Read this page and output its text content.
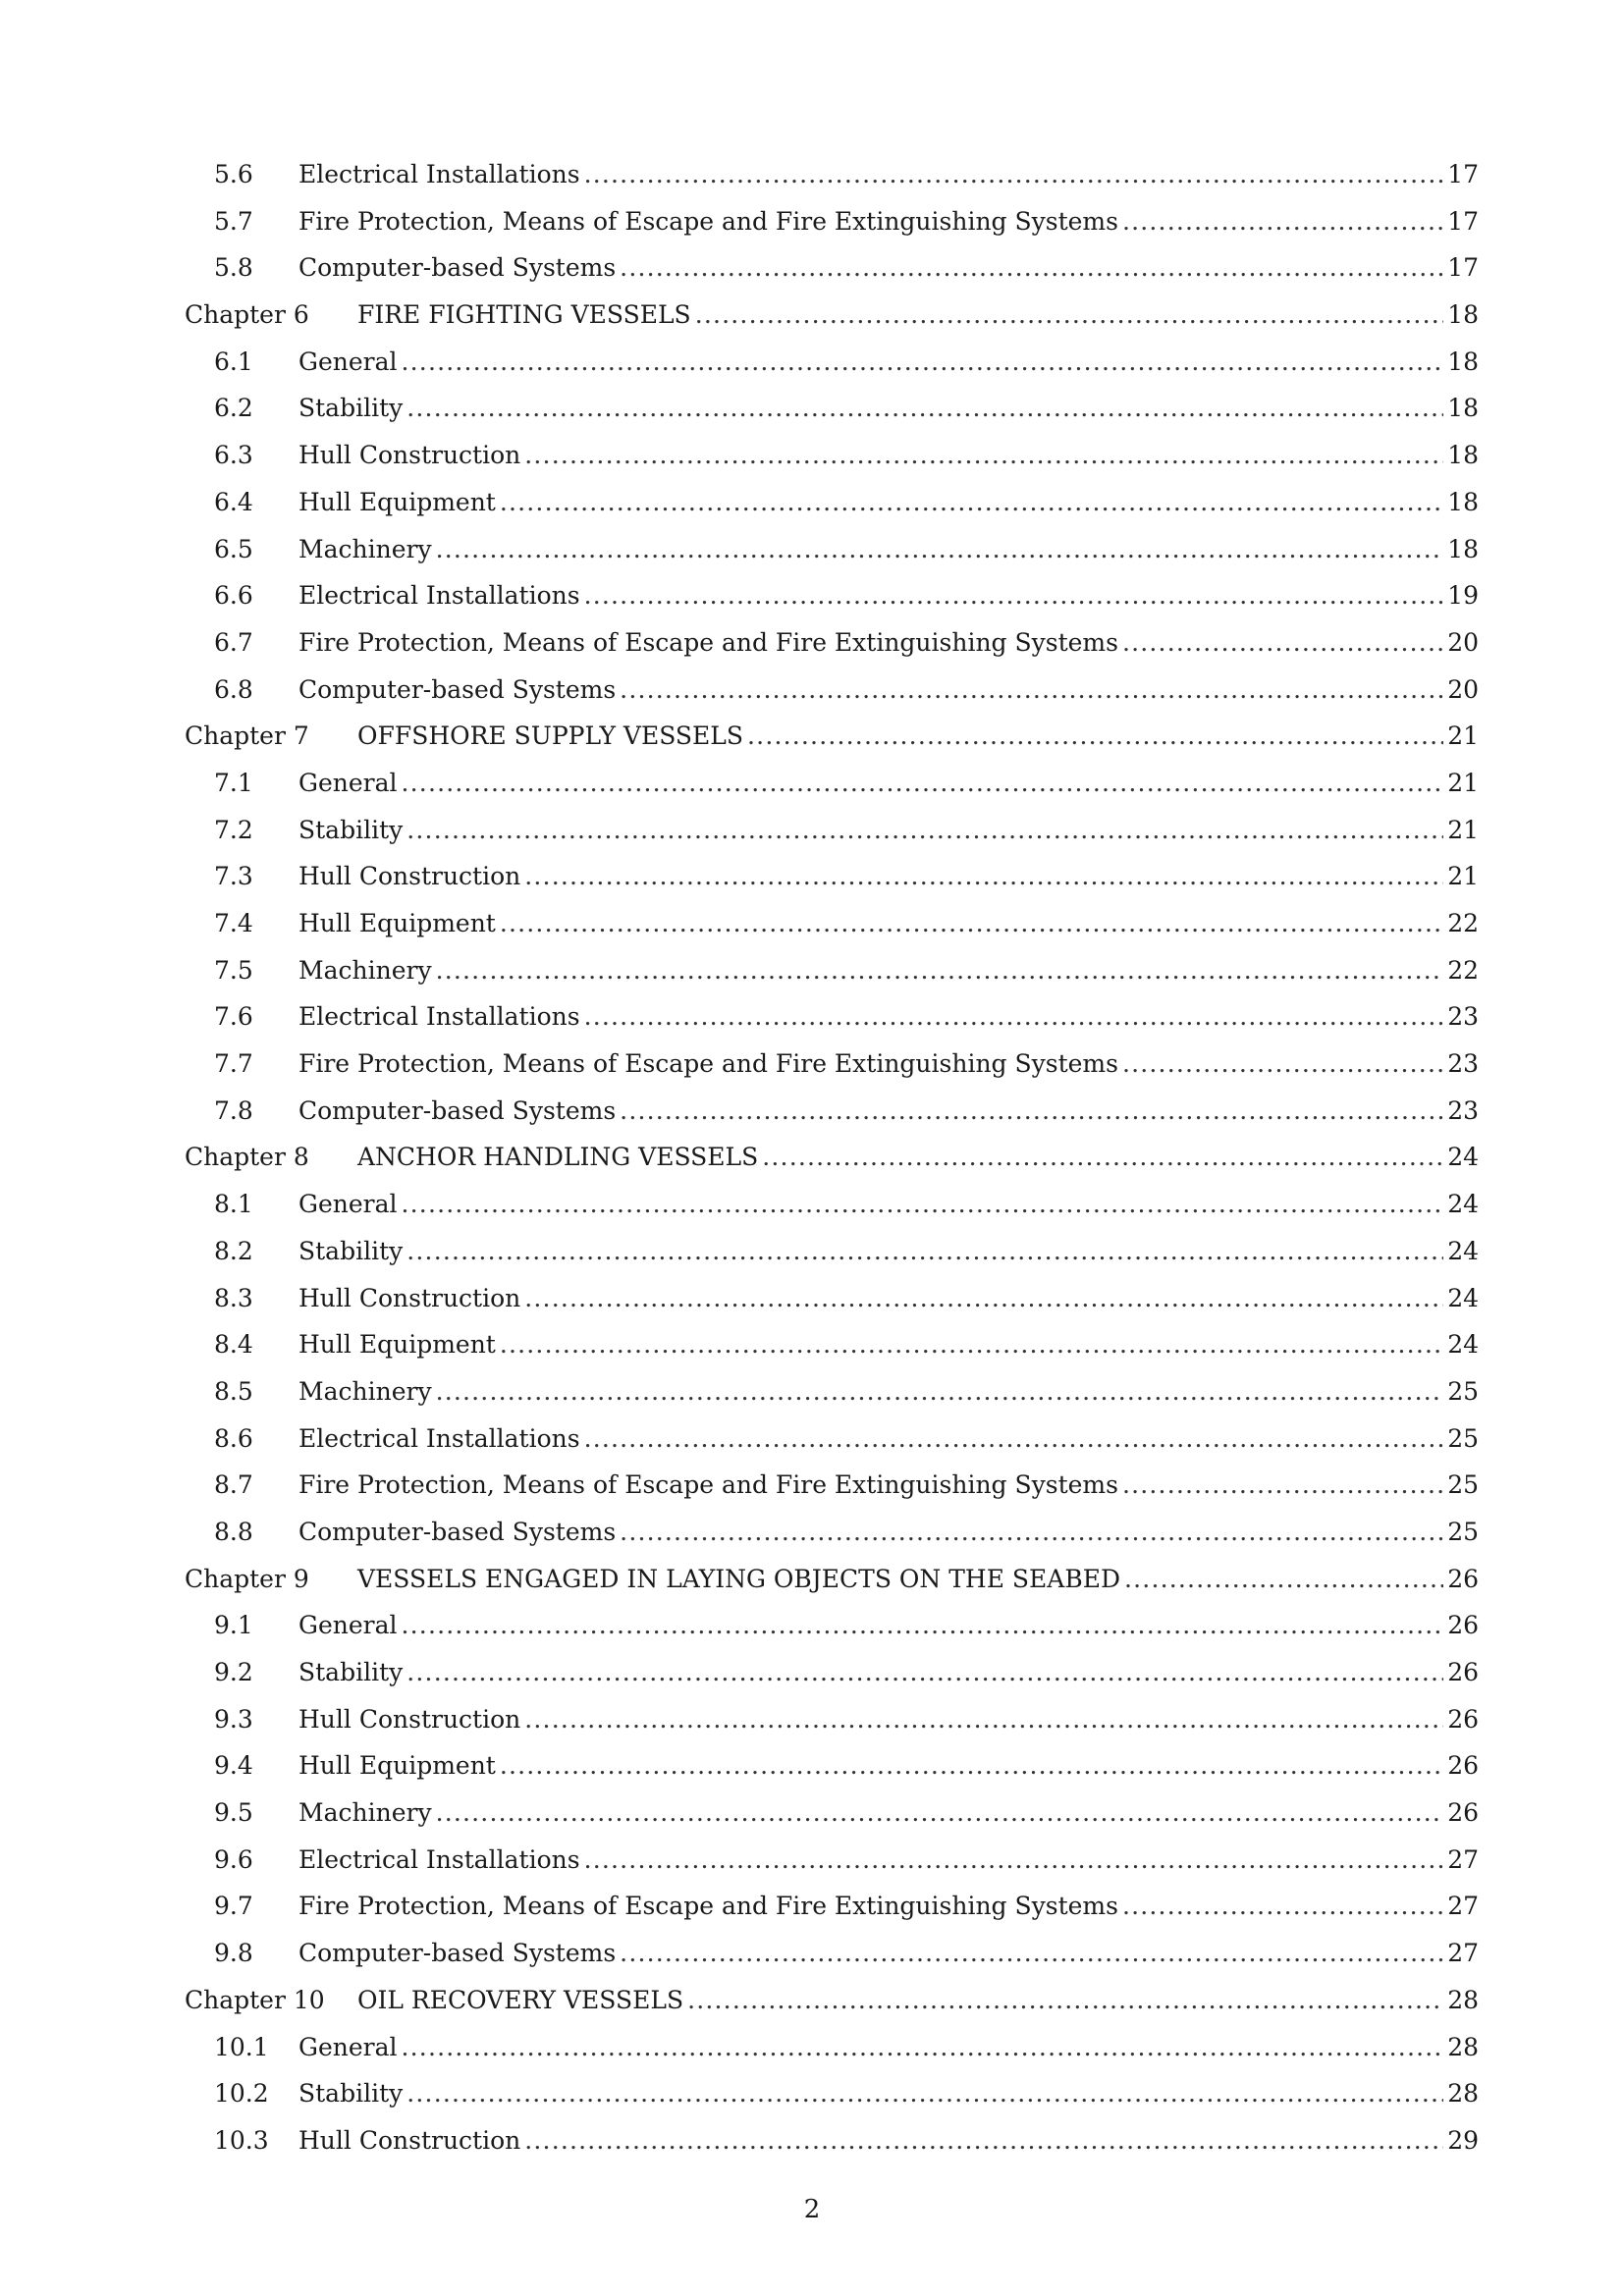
5.6	Electrical Installations .....	17
5.7	Fire Protection, Means of Escape and Fire Extinguishing Systems .....	17
5.8	Computer-based Systems .....	17
Chapter 6	FIRE FIGHTING VESSELS .....	18
6.1	General .....	18
6.2	Stability .....	18
6.3	Hull Construction .....	18
6.4	Hull Equipment .....	18
6.5	Machinery .....	18
6.6	Electrical Installations .....	19
6.7	Fire Protection, Means of Escape and Fire Extinguishing Systems .....	20
6.8	Computer-based Systems .....	20
Chapter 7	OFFSHORE SUPPLY VESSELS .....	21
7.1	General .....	21
7.2	Stability .....	21
7.3	Hull Construction .....	21
7.4	Hull Equipment .....	22
7.5	Machinery .....	22
7.6	Electrical Installations .....	23
7.7	Fire Protection, Means of Escape and Fire Extinguishing Systems .....	23
7.8	Computer-based Systems .....	23
Chapter 8	ANCHOR HANDLING VESSELS .....	24
8.1	General .....	24
8.2	Stability .....	24
8.3	Hull Construction .....	24
8.4	Hull Equipment .....	24
8.5	Machinery .....	25
8.6	Electrical Installations .....	25
8.7	Fire Protection, Means of Escape and Fire Extinguishing Systems .....	25
8.8	Computer-based Systems .....	25
Chapter 9	VESSELS ENGAGED IN LAYING OBJECTS ON THE SEABED .....	26
9.1	General .....	26
9.2	Stability .....	26
9.3	Hull Construction .....	26
9.4	Hull Equipment .....	26
9.5	Machinery .....	26
9.6	Electrical Installations .....	27
9.7	Fire Protection, Means of Escape and Fire Extinguishing Systems .....	27
9.8	Computer-based Systems .....	27
Chapter 10	OIL RECOVERY VESSELS .....	28
10.1	General .....	28
10.2	Stability .....	28
10.3	Hull Construction .....	29
2
